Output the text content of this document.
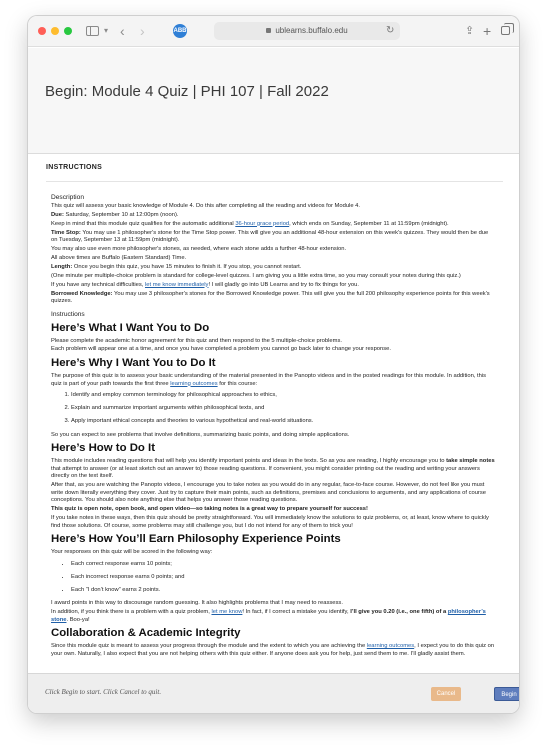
▾ ‹ ›	ABB	ublearns.buffalo.edu	↻	⇪ +
Begin: Module 4 Quiz | PHI 107 | Fall 2022
INSTRUCTIONS

Description

This quiz will assess your basic knowledge of Module 4. Do this after completing all the reading and videos for Module 4.

Due: Saturday, September 10 at 12:00pm (noon).

Keep in mind that this module quiz qualifies for the automatic additional 36-hour grace period, which ends on Sunday, September 11 at 11:59pm (midnight).

Time Stop: You may use 1 philosopher's stone for the Time Stop power. This will give you an additional 48-hour extension on this week's quizzes. They would then be due on Tuesday, September 13 at 11:59pm (midnight).

You may also use even more philosopher's stones, as needed, where each stone adds a further 48-hour extension.

All above times are Buffalo (Eastern Standard) Time.

Length: Once you begin this quiz, you have 15 minutes to finish it. If you stop, you cannot restart.

(One minute per multiple-choice problem is standard for college-level quizzes. I am giving you a little extra time, so you may consult your notes during this quiz.)

If you have any technical difficulties, let me know immediately! I will gladly go into UB Learns and try to fix things for you.

Borrowed Knowledge: You may use 3 philosopher's stones for the Borrowed Knowledge power. This will give you the full 200 philosophy experience points for this week's quizzes.

Instructions

Here’s What I Want You to Do

Please complete the academic honor agreement for this quiz and then respond to the 5 multiple-choice problems.

Each problem will appear one at a time, and once you have completed a problem you cannot go back later to change your response.

Here’s Why I Want You to Do It

The purpose of this quiz is to assess your basic understanding of the material presented in the Panopto videos and in the posted readings for this module. In addition, this quiz is part of your path towards the first three learning outcomes for this course:

1. Identify and employ common terminology for philosophical approaches to ethics,
2. Explain and summarize important arguments within philosophical texts, and
3. Apply important ethical concepts and theories to various hypothetical and real-world situations.

So you can expect to see problems that involve definitions, summarizing basic points, and doing simple applications.

Here’s How to Do It

This module includes reading questions that will help you identify important points and ideas in the texts. So as you are reading, I highly encourage you to take simple notes that attempt to answer (or at least sketch out an answer to) those reading questions. If convenient, you might consider printing out the reading and writing your answers directly on the text itself.

After that, as you are watching the Panopto videos, I encourage you to take notes as you would do in any regular, face-to-face course. However, do not feel like you must write down literally everything they cover. Just try to capture their main points, such as definitions, premises and conclusions to arguments, and any applications of course conceptions. You should also note anything else that helps you answer those reading questions.

This quiz is open note, open book, and open video—so taking notes is a great way to prepare yourself for success!

If you take notes in these ways, then this quiz should be pretty straightforward. You will immediately know the solutions to quiz problems, or, at least, know where to quickly find those solutions. Of course, some problems may still challenge you, but I do not intend for any of them to trick you!

Here’s How You’ll Earn Philosophy Experience Points

Your responses on this quiz will be scored in the following way:

• Each correct response earns 10 points;
• Each incorrect response earns 0 points; and
• Each “I don’t know” earns 2 points.

I award points in this way to discourage random guessing. It also highlights problems that I may need to reassess.

In addition, if you think there is a problem with a quiz problem, let me know! In fact, if I correct a mistake you identify, I’ll give you 0.20 (i.e., one fifth) of a philosopher’s stone. Boo-ya!

Collaboration & Academic Integrity

Since this module quiz is meant to assess your progress through the module and the extent to which you are achieving the learning outcomes, I expect you to do this quiz on your own. Naturally, I also expect that you are not helping others with this quiz either. If anyone does ask you for help, just send them to me. I’ll gladly assist them.

Click Begin to start. Click Cancel to quit.	Cancel	Begin
